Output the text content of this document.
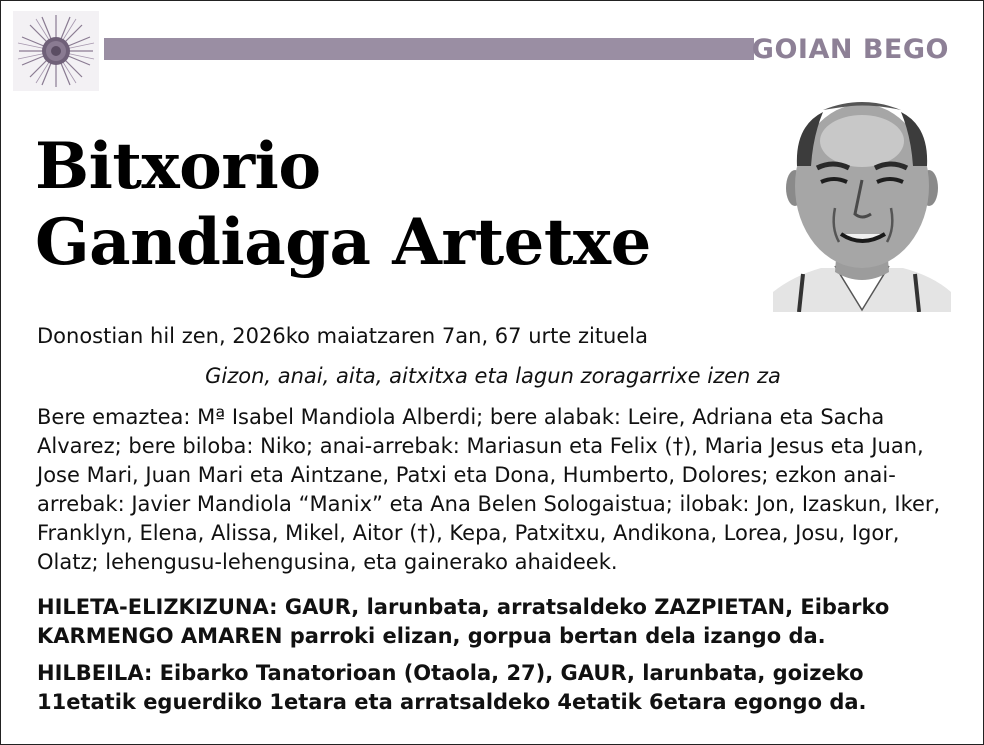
GOIAN BEGO
Bitxorio
Gandiaga Artetxe
Donostian hil zen, 2026ko maiatzaren 7an, 67 urte zituela
Gizon, anai, aita, aitxitxa eta lagun zoragarrixe izen za

Bere emaztea: Mª Isabel Mandiola Alberdi; bere alabak: Leire, Adriana eta Sacha Alvarez; bere biloba: Niko; anai-arrebak: Mariasun eta Felix (†), Maria Jesus eta Juan, Jose Mari, Juan Mari eta Aintzane, Patxi eta Dona, Humberto, Dolores; ezkon anai-arrebak: Javier Mandiola “Manix” eta Ana Belen Sologaistua; ilobak: Jon, Izaskun, Iker, Franklyn, Elena, Alissa, Mikel, Aitor (†), Kepa, Patxitxu, Andikona, Lorea, Josu, Igor, Olatz; lehengusu-lehengusina, eta gainerako ahaideek.

HILETA-ELIZKIZUNA: GAUR, larunbata, arratsaldeko ZAZPIETAN, Eibarko KARMENGO AMAREN parroki elizan, gorpua bertan dela izango da.

HILBEILA: Eibarko Tanatorioan (Otaola, 27), GAUR, larunbata, goizeko 11etatik eguerdiko 1etara eta arratsaldeko 4etatik 6etara egongo da.
